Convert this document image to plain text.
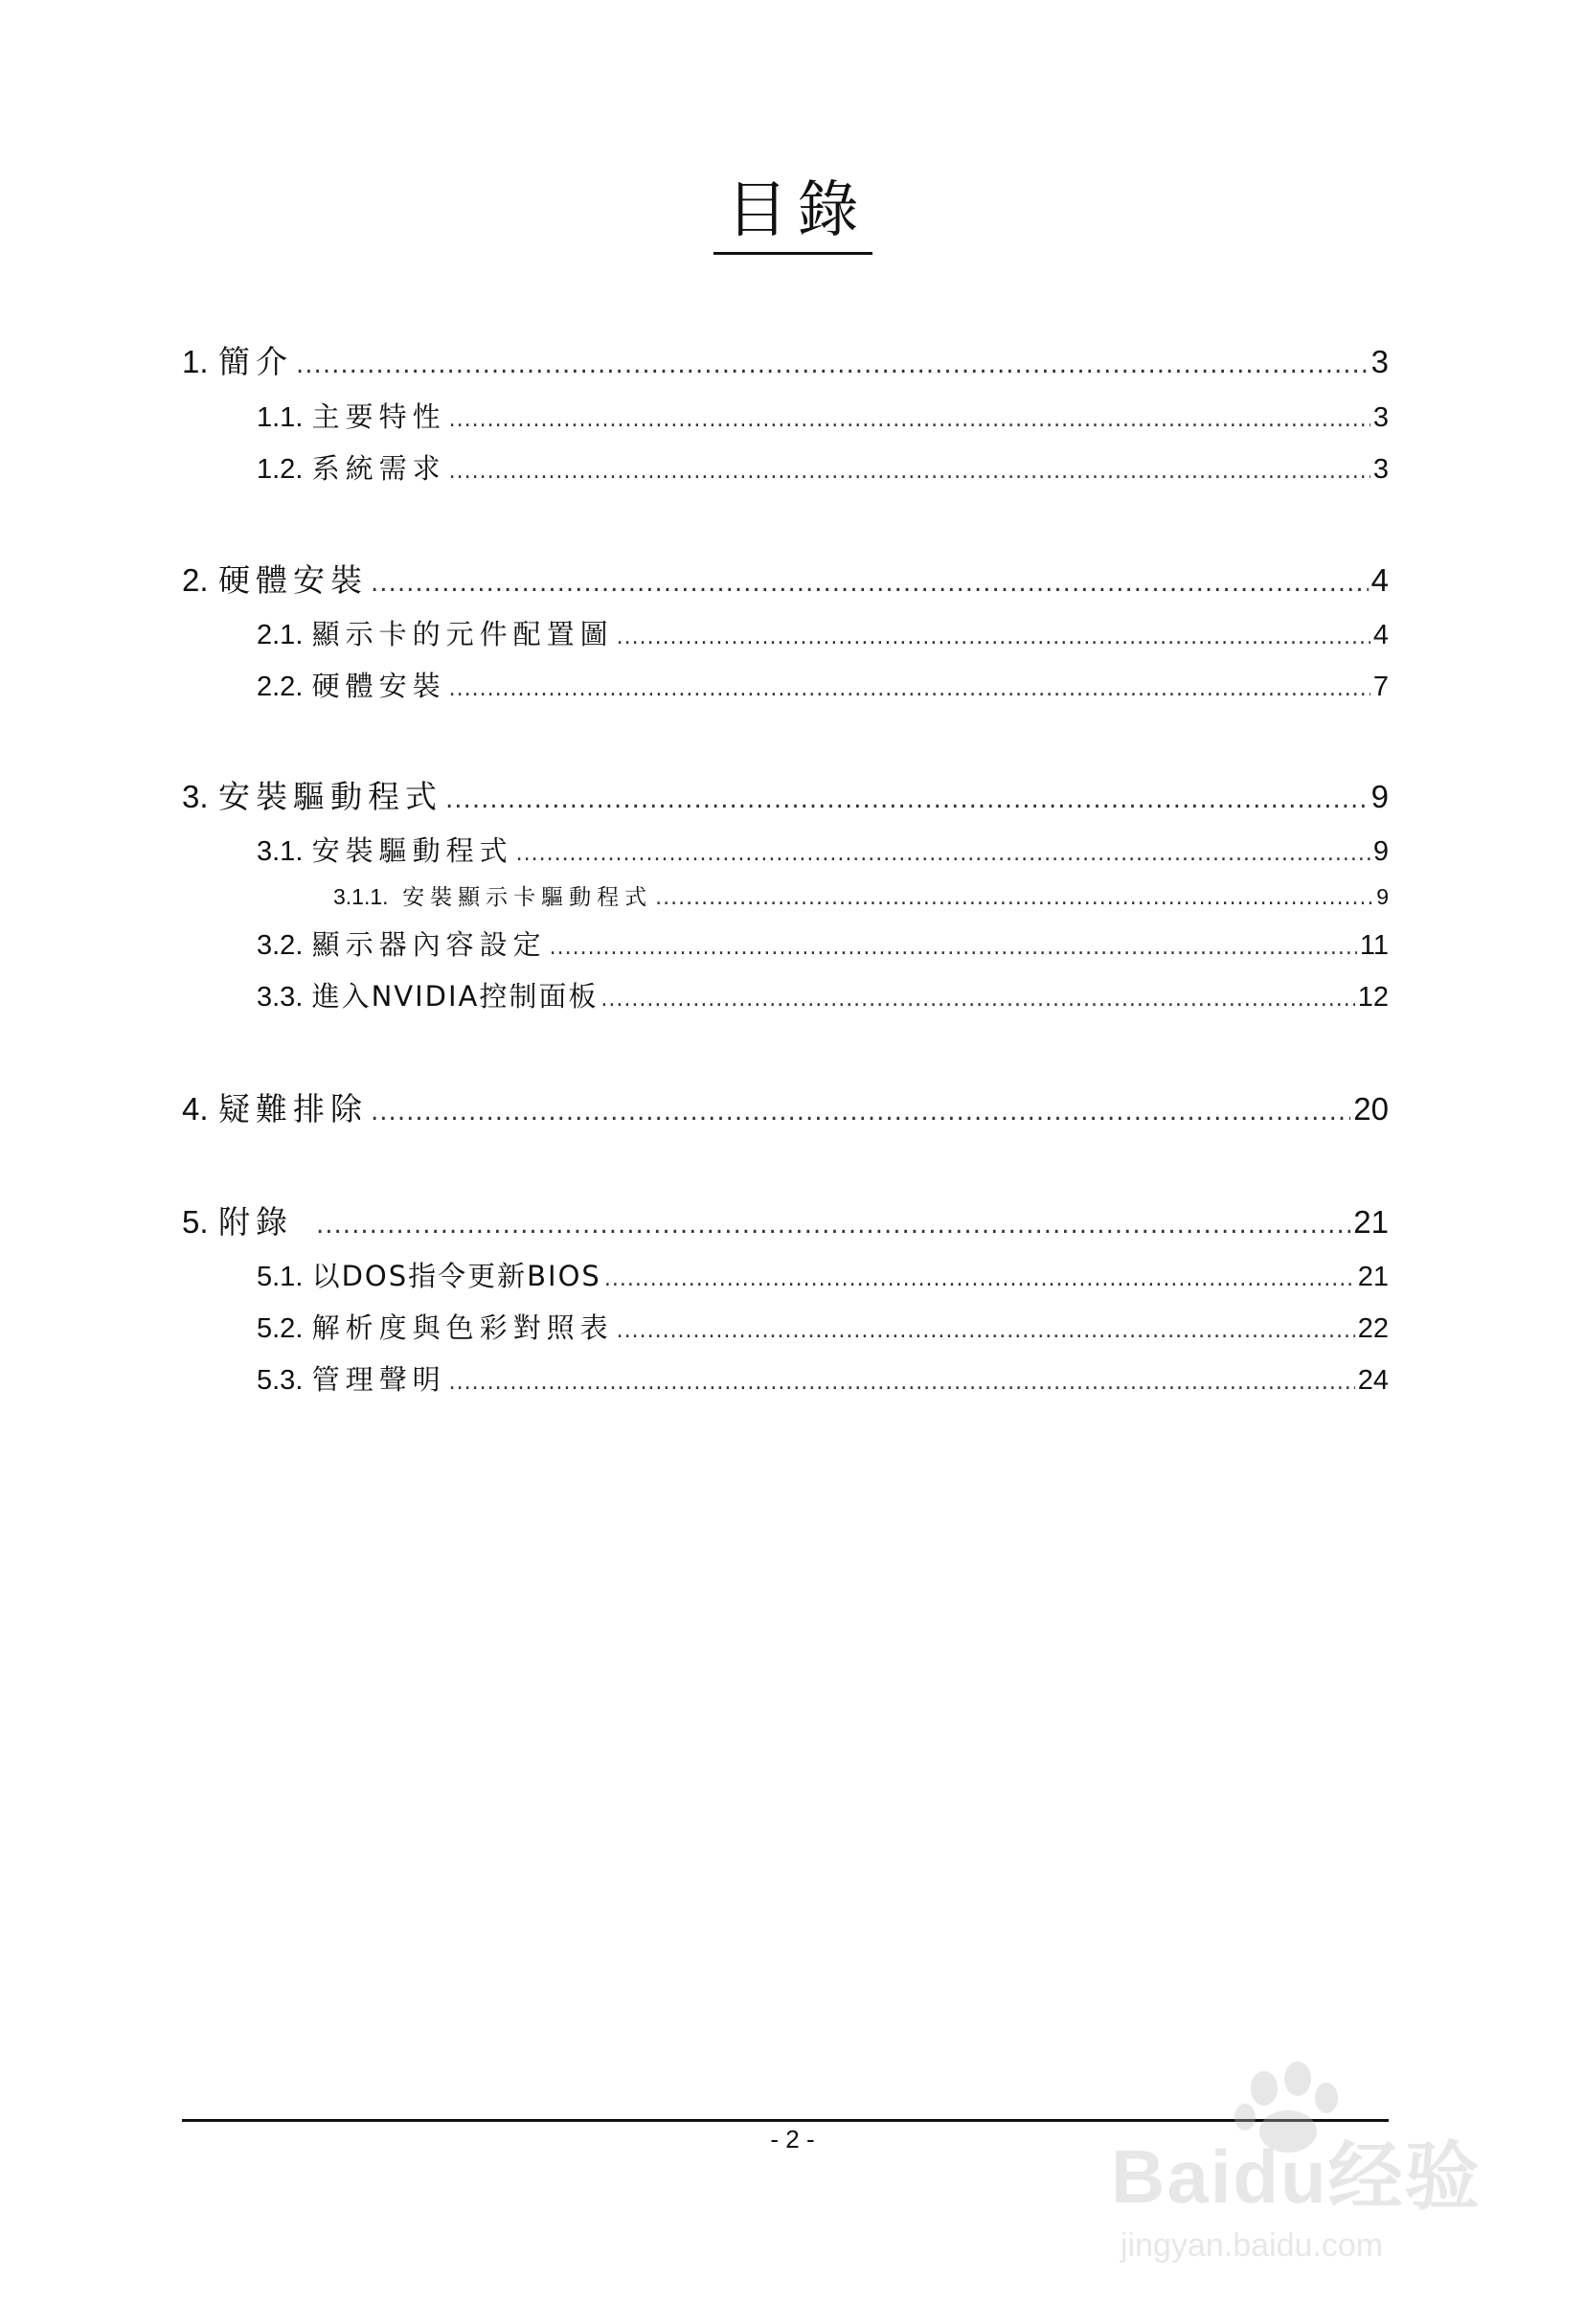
目錄
1. 簡介 .....	3
1.1. 主要特性 .....	3
1.2. 系統需求 .....	3
2. 硬體安裝 .....	4
2.1. 顯示卡的元件配置圖 .....	4
2.2. 硬體安裝 .....	7
3. 安裝驅動程式 .....	9
3.1. 安裝驅動程式 .....	9
3.1.1. 安裝顯示卡驅動程式 .....	9
3.2. 顯示器內容設定 .....	11
3.3. 進入NVIDIA控制面板 .....	12
4. 疑難排除 .....	20
5. 附錄 .....	21
5.1. 以DOS指令更新BIOS .....	21
5.2. 解析度與色彩對照表 .....	22
5.3. 管理聲明 .....	24
- 2 -	Baidu经验
jingyan.baidu.com
